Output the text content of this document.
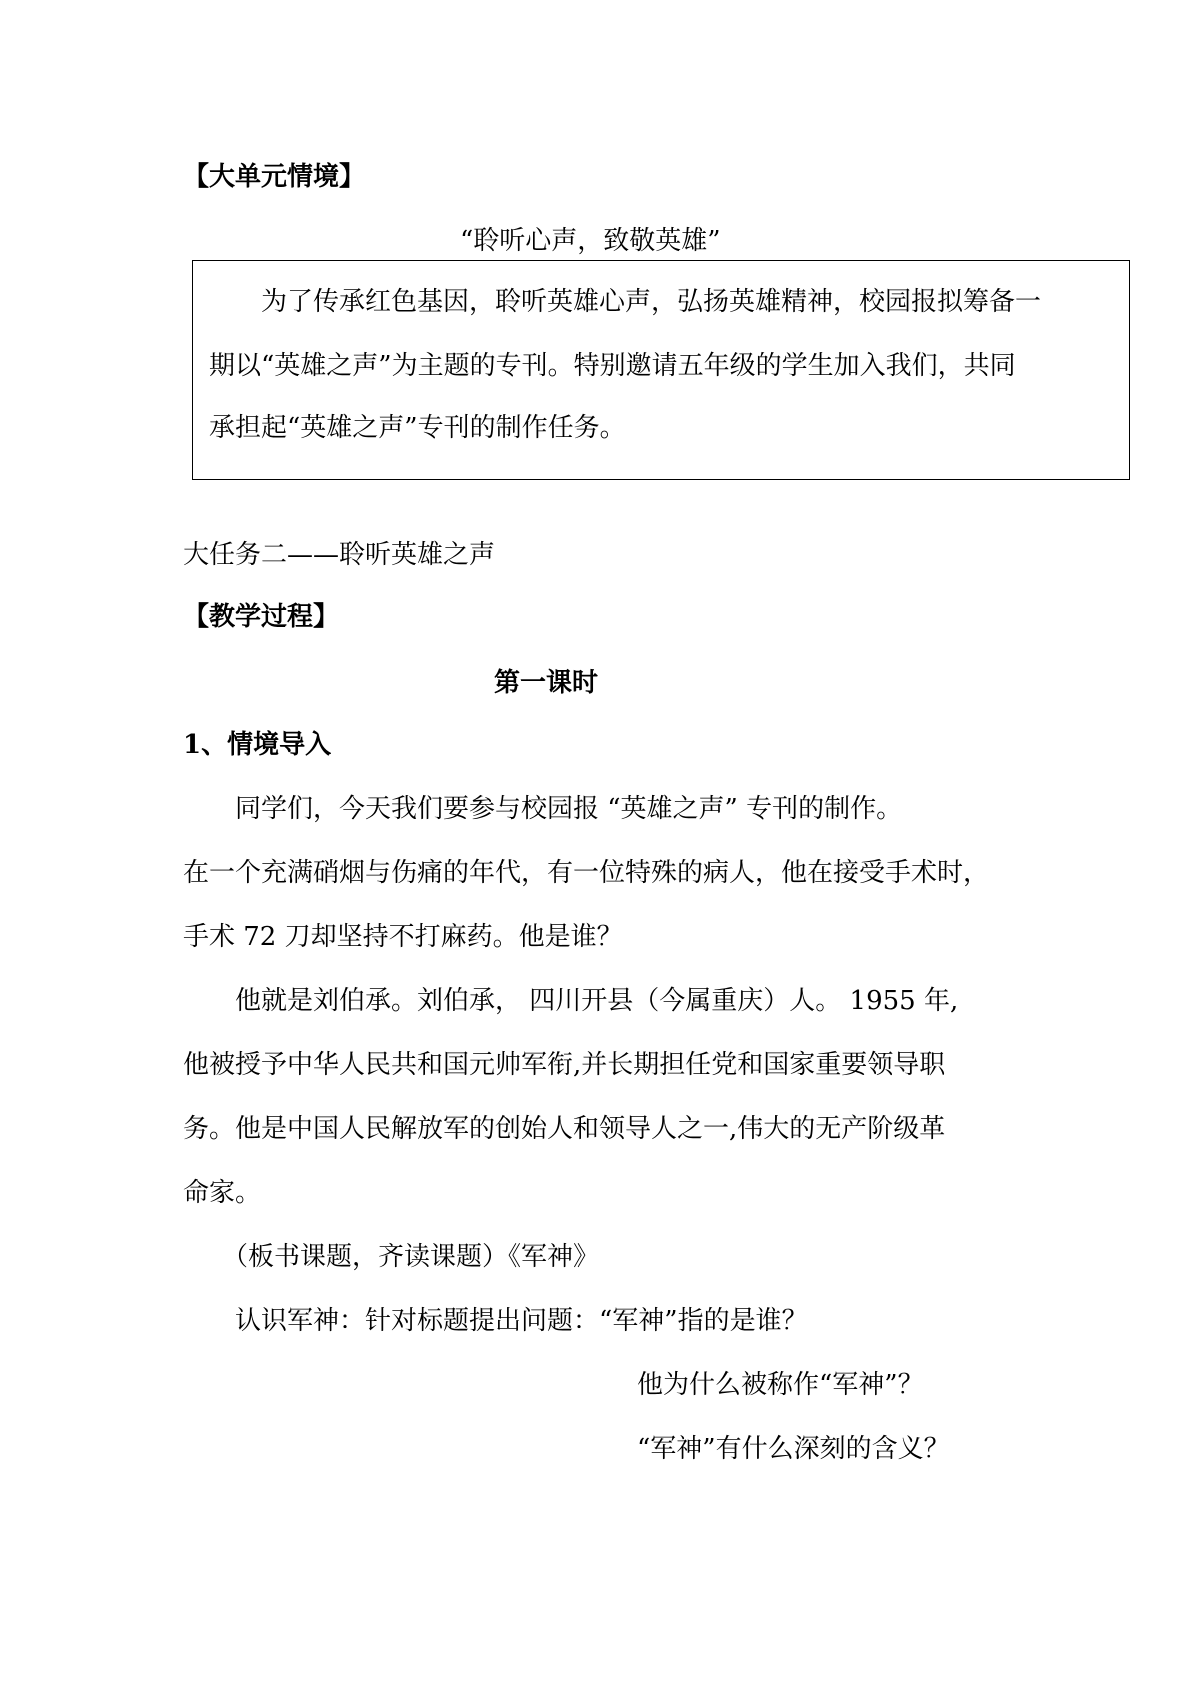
【大单元情境】
“聆听心声，致敬英雄”
　　为了传承红色基因，聆听英雄心声，弘扬英雄精神，校园报拟筹备一
期以“英雄之声”为主题的专刊。特别邀请五年级的学生加入我们，共同
承担起“英雄之声”专刊的制作任务。
大任务二——聆听英雄之声
【教学过程】
第一课时
1、情境导入
　　同学们，今天我们要参与校园报 “英雄之声” 专刊的制作。
在一个充满硝烟与伤痛的年代，有一位特殊的病人，他在接受手术时，
手术 72 刀却坚持不打麻药。他是谁？
　　他就是刘伯承。刘伯承， 四川开县（今属重庆）人。 1955 年,
他被授予中华人民共和国元帅军衔,并长期担任党和国家重要领导职
务。他是中国人民解放军的创始人和领导人之一,伟大的无产阶级革
命家。
　　（板书课题，齐读课题）《军神》
　　认识军神：针对标题提出问题：“军神”指的是谁？
他为什么被称作“军神”？
“军神”有什么深刻的含义？
